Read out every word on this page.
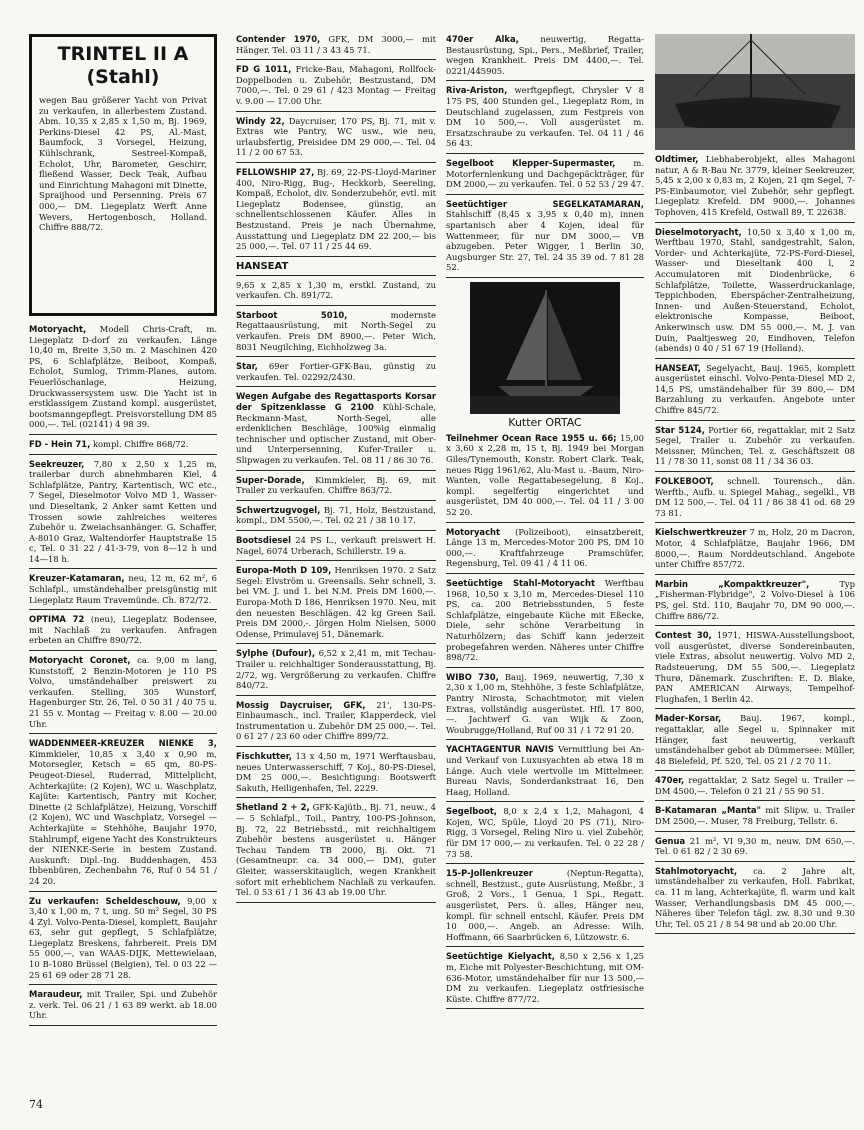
TRINTEL II A
(Stahl)
wegen Bau größerer Yacht von Privat zu verkaufen, in allerbestem Zustand. Abm. 10,35 x 2,85 x 1,50 m, Bj. 1969, Perkins-Diesel 42 PS, Al.-Mast, Baumfock, 3 Vorsegel, Heizung, Kühlschrank, Sestreel-Kompaß, Echolot, Uhr, Barometer, Geschirr, fließend Wasser, Deck Teak, Aufbau und Einrichtung Mahagoni mit Dinette, Spraijhood und Persenning. Preis 67 000,— DM. Liegeplatz Werft Anne Wevers, Hertogenbosch, Holland. Chiffre 888/72.
Motoryacht, Modell Chris-Craft, m. Liegeplatz D-dorf zu verkaufen. Länge 10,40 m, Breite 3,50 m. 2 Maschinen 420 PS, 6 Schlafplätze, Beiboot, Kompaß, Echolot, Sumlog, Trimm-Planes, autom. Feuerlöschanlage, Heizung, Druckwassersystem usw. Die Yacht ist in erstklassigem Zustand kompl. ausgerüstet, bootsmanngepflegt. Preisvorstellung DM 85 000,—. Tel. (02141) 4 98 39.
FD - Hein 71, kompl. Chiffre 868/72.
Seekreuzer, 7,80 x 2,50 x 1,25 m, trailerbar durch abnehmbaren Kiel, 4 Schlafplätze, Pantry, Kartentisch, WC etc., 7 Segel, Dieselmotor Volvo MD 1, Wasser- und Dieseltank, 2 Anker samt Ketten und Trossen sowie zahlreiches weiteres Zubehör u. Zweiachsanhänger. G. Schaffer, A-8010 Graz, Waltendorfer Hauptstraße 15 c, Tel. 0 31 22 / 41-3-79, von 8—12 h und 14—18 h.
Kreuzer-Katamaran, neu, 12 m, 62 m², 6 Schlafpl., umständehalber preisgünstig mit Liegeplatz Raum Travemünde. Ch. 872/72.
OPTIMA 72 (neu), Liegeplatz Bodensee, mit Nachlaß zu verkaufen. Anfragen erbeten an Chiffre 890/72.
Motoryacht Coronet, ca. 9,00 m lang, Kunststoff, 2 Benzin-Motoren je 110 PS Volvo, umständehalber preiswert zu verkaufen. Stelling, 305 Wunstorf, Hagenburger Str. 26, Tel. 0 50 31 / 40 75 u. 21 55 v. Montag — Freitag v. 8.00 — 20.00 Uhr.
WADDENMEER-KREUZER NIENKE 3, Kimmkieler, 10,85 x 3,40 x 0,90 m, Motorsegler, Ketsch = 65 qm, 80-PS-Peugeot-Diesel, Ruderrad, Mittelplicht, Achterkajüte: (2 Kojen), WC u. Waschplatz, Kajüte: Kartentisch, Pantry mit Kocher, Dinette (2 Schlafplätze), Heizung, Vorschiff (2 Kojen), WC und Waschplatz, Vorsegel — Achterkajüte = Stehhöhe, Baujahr 1970, Stahlrumpf, eigene Yacht des Konstrukteurs der NIENKE-Serie in bestem Zustand. Auskunft: Dipl.-Ing. Buddenhagen, 453 Ibbenbüren, Zechenbahn 76, Ruf 0 54 51 / 24 20.
Zu verkaufen: Scheldeschouw, 9,00 x 3,40 x 1,00 m, 7 t, ung. 50 m² Segel, 30 PS 4 Zyl. Volvo-Penta-Diesel, komplett, Baujahr 63, sehr gut gepflegt, 5 Schlafplätze, Liegeplatz Breskens, fahrbereit. Preis DM 55 000,—, van WAAS-DIJK, Mettewielaan, 10 B-1080 Brüssel (Belgien), Tel. 0 03 22 — 25 61 69 oder 28 71 28.
Maraudeur, mit Trailer, Spi. und Zubehör z. verk. Tel. 06 21 / 1 63 89 werkt. ab 18.00 Uhr.
Contender 1970, GFK, DM 3000,— mit Hänger. Tel. 03 11 / 3 43 45 71.
FD G 1011, Fricke-Bau, Mahagoni, Rollfock-Doppelboden u. Zubehör, Bestzustand, DM 7000,—. Tel. 0 29 61 / 423 Montag — Freitag v. 9.00 — 17.00 Uhr.
Windy 22, Daycruiser, 170 PS, Bj. 71, mit v. Extras wie Pantry, WC usw., wie neu, urlaubsfertig, Preisidee DM 29 000,—. Tel. 04 11 / 2 00 67 53.
FELLOWSHIP 27, Bj. 69, 22-PS-Lloyd-Mariner 400, Niro-Rigg, Bug-, Heckkorb, Seereling, Kompaß, Echolot, div. Sonderzubehör, evtl. mit Liegeplatz Bodensee, günstig, an schnellentschlossenen Käufer. Alles in Bestzustand. Preis je nach Übernahme, Ausstattung und Liegeplatz DM 22 200,— bis 25 000,—. Tel. 07 11 / 25 44 69.
HANSEAT
9,65 x 2,85 x 1,30 m, erstkl. Zustand, zu verkaufen. Ch. 891/72.
Starboot 5010,	modernste Regattaausrüstung, mit North-Segel zu verkaufen. Preis DM 8900,—. Peter Wich, 8031 Neugilching, Eichholzweg 3a.
Star, 69er Fortier-GFK-Bau, günstig zu verkaufen. Tel. 02292/2430.
Wegen Aufgabe des Regattasports Korsar der Spitzenklasse G 2100 Kühl-Schale, Reckmann-Mast, North-Segel, alle erdenklichen Beschläge, 100%ig einmalig technischer und optischer Zustand, mit Ober- und Unterpersenning, Kufer-Trailer u. Slipwagen zu verkaufen. Tel. 08 11 / 86 30 76.
Super-Dorade, Kimmkieler, Bj. 69, mit Trailer zu verkaufen. Chiffre 863/72.
Schwertzugvogel, Bj. 71, Holz, Bestzustand, kompl., DM 5500,—. Tel. 02 21 / 38 10 17.
Bootsdiesel 24 PS L., verkauft preiswert H. Nagel, 6074 Urberach, Schillerstr. 19 a.
Europa-Moth D 109, Henriksen 1970. 2 Satz Segel: Elvström u. Greensails. Sehr schnell, 3. bei VM. J. und 1. bei N.M. Preis DM 1600,—. Europa-Moth D 186, Henriksen 1970. Neu, mit den neuesten Beschlägen. 42 kg Green Sail. Preis DM 2000,-. Jörgen Holm Nielsen, 5000 Odense, Primulavej 51, Dänemark.
Sylphe (Dufour), 6,52 x 2,41 m, mit Techau-Trailer u. reichhaltiger Sonderausstattung, Bj. 2/72, wg. Vergrößerung zu verkaufen. Chiffre 840/72.
Mossig Daycruiser, GFK, 21', 130-PS-Einbaumasch., incl. Trailer, Klapperdeck, viel Instrumentation u. Zubehör DM 25 000,—. Tel. 0 61 27 / 23 60 oder Chiffre 899/72.
Fischkutter, 13 x 4,50 m, 1971 Werftausbau, neues Unterwasserschiff, 7 Koj., 80-PS-Diesel, DM 25 000,—. Besichtigung: Bootswerft Sakuth, Heiligenhafen, Tel. 2229.
Shetland 2 + 2, GFK-Kajütb., Bj. 71, neuw., 4 — 5 Schlafpl., Toil., Pantry, 100-PS-Johnson, Bj. 72, 22 Betriebsstd., mit reichhaltigem Zubehör bestens ausgerüstet u. Hänger Techau Tandem TB 2000, Bj. Okt. 71 (Gesamtneupr. ca. 34 000,— DM), guter Gleiter, wasserskitauglich, wegen Krankheit sofort mit erheblichem Nachlaß zu verkaufen. Tel. 0 53 61 / 1 36 43 ab 19.00 Uhr.
470er Alka,	neuwertig, Regatta-Bestausrüstung, Spi., Pers., Meßbrief, Trailer, wegen Krankheit. Preis DM 4400,—. Tel. 0221/445905.
Riva-Ariston, werftgepflegt, Chrysler V 8 175 PS, 400 Stunden gel., Liegeplatz Rom, in Deutschland zugelassen, zum Festpreis von DM 10 500,—. Voll ausgerüstet m. Ersatzschraube zu verkaufen. Tel. 04 11 / 46 56 43.
Segelboot Klepper-Supermaster, m. Motorfernlenkung und Dachgepäckträger, für DM 2000,— zu verkaufen. Tel. 0 52 53 / 29 47.
Seetüchtiger SEGELKATAMARAN, Stahlschiff (8,45 x 3,95 x 0,40 m), innen spartanisch aber 4 Kojen, ideal für Wattenmeer, für nur DM 3000,— VB abzugeben. Peter Wigger, 1 Berlin 30, Augsburger Str. 27, Tel. 24 35 39 od. 7 81 28 52.
Kutter ORTAC
Teilnehmer Ocean Race 1955 u. 66; 15,00 x 3,60 x 2,28 m, 15 t, Bj. 1949 bei Morgan Giles/Tynemouth, Konstr. Robert Clark. Teak, neues Rigg 1961/62, Alu-Mast u. -Baum, Niro-Wanten, volle Regattabesegelung, 8 Koj., kompl. segelfertig eingerichtet und ausgerüstet, DM 40 000,—. Tel. 04 11 / 3 00 52 20.
Motoryacht (Polizeiboot), einsatzbereit, Länge 13 m, Mercedes-Motor 200 PS, DM 10 000,—. Kraftfahrzeuge Pramschüfer, Regensburg, Tel. 09 41 / 4 11 06.
Seetüchtige Stahl-Motoryacht Werftbau 1968, 10,50 x 3,10 m, Mercedes-Diesel 110 PS, ca. 200 Betriebsstunden, 5 feste Schlafplätze, eingebaute Küche mit Eßecke, Diele, sehr schöne Verarbeitung in Naturhölzern; das Schiff kann jederzeit probegefahren werden. Näheres unter Chiffre 898/72.
WIBO 730, Bauj. 1969, neuwertig, 7,30 x 2,30 x 1,00 m, Stehhöhe, 3 feste Schlafplätze, Pantry Nirosta, Schachtmotor, mit vielen Extras, vollständig ausgerüstet. Hfl. 17 800,—. Jachtwerf G. van Wijk & Zoon, Woubrugge/Holland, Ruf 00 31 / 1 72 91 20.
YACHTAGENTUR NAVIS Vermittlung bei An- und Verkauf von Luxusyachten ab etwa 18 m Länge. Auch viele wertvolle im Mittelmeer. Bureau Navis, Sonderdankstraat 16, Den Haag, Holland.
Segelboot, 8,0 x 2,4 x 1,2, Mahagoni, 4 Kojen, WC, Spüle, Lloyd 20 PS (71), Niro-Rigg, 3 Vorsegel, Reling Niro u. viel Zubehör, für DM 17 000,— zu verkaufen. Tel. 0 22 28 / 73 58.
15-P-Jollenkreuzer	(Neptun-Regatta), schnell, Bestzust., gute Ausrüstung, Meßbr., 3 Groß, 2 Vors., 1 Genua, 1 Spi., Regatt. ausgerüstet, Pers. ü. alles, Hänger neu, kompl. für schnell entschl. Käufer. Preis DM 10 000,—. Angeb. an Adresse: Wilh. Hoffmann, 66 Saarbrücken 6, Lützowstr. 6.
Seetüchtige Kielyacht, 8,50 x 2,56 x 1,25 m, Eiche mit Polyester-Beschichtung, mit OM-636-Motor, umständehalber für nur 13 500,— DM zu verkaufen. Liegeplatz ostfriesische Küste. Chiffre 877/72.
Oldtimer, Liebhaberobjekt, alles Mahagoni natur, A & R-Bau Nr. 3779, kleiner Seekreuzer, 5,45 x 2,00 x 0,83 m, 2 Kojen, 21 qm Segel, 7-PS-Einbaumotor, viel Zubehör, sehr gepflegt. Liegeplatz Krefeld. DM 9000,—. Johannes Tophoven, 415 Krefeld, Ostwall 89, T. 22638.
Dieselmotoryacht, 10,50 x 3,40 x 1,00 m, Werftbau 1970, Stahl, sandgestrahlt, Salon, Vorder- und Achterkajüte, 72-PS-Ford-Diesel, Wasser- und Dieseltank 400 l, 2 Accumulatoren mit Diodenbrücke, 6 Schlafplätze, Toilette, Wasserdruckanlage, Teppichboden, Eberspächer-Zentralheizung, Innen- und Außen-Steuerstand, Echolot, elektronische Kompasse, Beiboot, Ankerwinsch usw. DM 55 000,—. M. J. van Duin, Paaltjesweg 20, Eindhoven, Telefon (abends) 0 40 / 51 67 19 (Holland).
HANSEAT, Segelyacht, Bauj. 1965, komplett ausgerüstet einschl. Volvo-Penta-Diesel MD 2, 14,5 PS, umständehalber für 39 800,— DM Barzahlung zu verkaufen. Angebote unter Chiffre 845/72.
Star 5124, Portier 66, regattaklar, mit 2 Satz Segel, Trailer u. Zubehör zu verkaufen. Meissner, München, Tel. z. Geschäftszeit 08 11 / 78 30 11, sonst 08 11 / 34 36 03.
FOLKEBOOT, schnell. Tourensch., dän. Werftb., Aufb. u. Spiegel Mahag., segelkl., VB DM 12 500,—. Tel. 04 11 / 86 38 41 od. 68 29 73 81.
Kielschwertkreuzer 7 m, Holz, 20 m Dacron, Motor, 4 Schlafplätze, Baujahr 1966, DM 8000,—. Raum Norddeutschland. Angebote unter Chiffre 857/72.
Marbin „Kompaktkreuzer",	Typ „Fisherman-Flybridge", 2 Volvo-Diesel à 106 PS, gel. Std. 110, Baujahr 70, DM 90 000,—. Chiffre 886/72.
Contest 30, 1971, HISWA-Ausstellungsboot, voll ausgerüstet, diverse Sondereinbauten, viele Extras, absolut neuwertig. Volvo MD 2, Radsteuerung, DM 55 500,—. Liegeplatz Thurø, Dänemark. Zuschriften: E. D. Blake, PAN AMERICAN Airways, Tempelhof-Flughafen, 1 Berlin 42.
Mader-Korsar, Bauj. 1967, kompl., regattaklar, alle Segel u. Spinnaker mit Hänger, fast neuwertig, verkauft umständehalber gebot ab Dümmersee: Müller, 48 Bielefeld, Pf. 520, Tel. 05 21 / 2 70 11.
470er, regattaklar, 2 Satz Segel u. Trailer — DM 4500,—. Telefon 0 21 21 / 55 90 51.
B-Katamaran „Manta" mit Slipw. u. Trailer DM 2500,—. Muser, 78 Freiburg, Tellstr. 6.
Genua 21 m², VI 9,30 m, neuw. DM 650,—. Tel. 0 61 82 / 2 30 69.
Stahlmotoryacht, ca. 2 Jahre alt, umständehalber zu verkaufen, Holl. Fabrikat, ca. 11 m lang, Achterkajüte, fl. warm und kalt Wasser, Verhandlungsbasis DM 45 000,—. Näheres über Telefon tägl. zw. 8.30 und 9.30 Uhr, Tel. 05 21 / 8 54 98 und ab 20.00 Uhr.
74
